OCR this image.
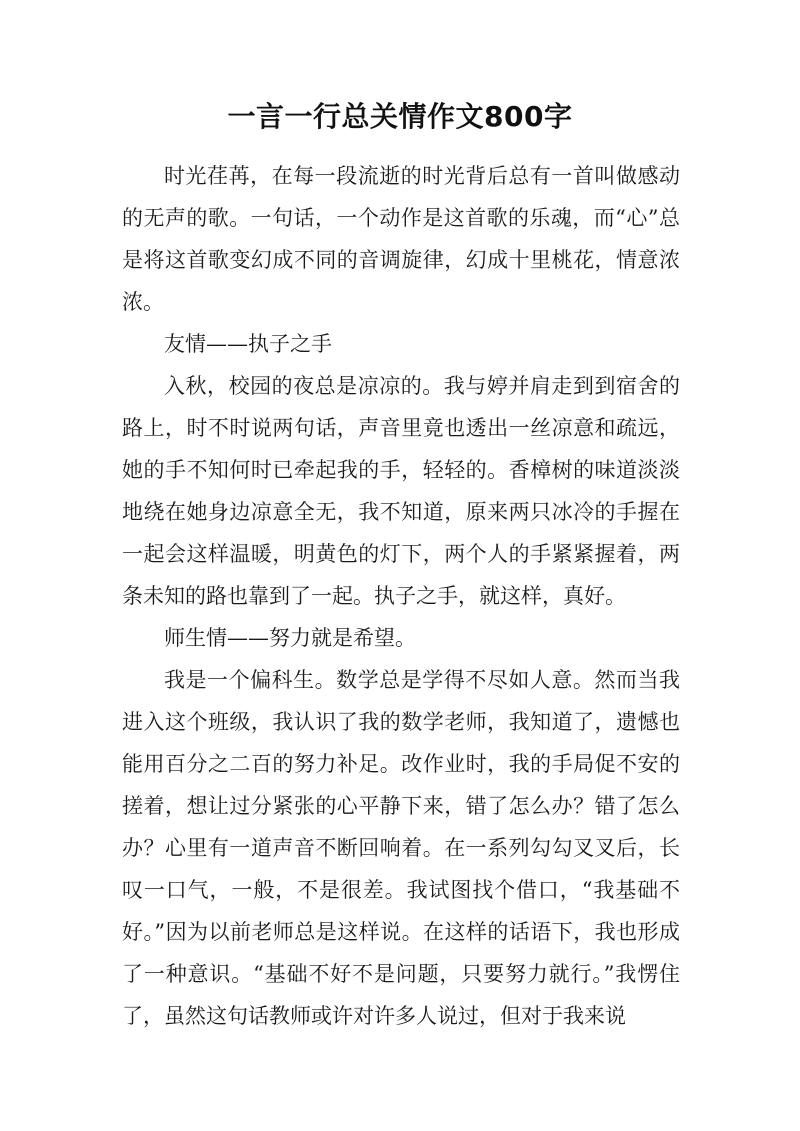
一言一行总关情作文800字

时光荏苒，在每一段流逝的时光背后总有一首叫做感动的无声的歌。一句话，一个动作是这首歌的乐魂，而“心”总是将这首歌变幻成不同的音调旋律，幻成十里桃花，情意浓浓。

友情——执子之手

入秋，校园的夜总是凉凉的。我与婷并肩走到到宿舍的路上，时不时说两句话，声音里竟也透出一丝凉意和疏远，她的手不知何时已牵起我的手，轻轻的。香樟树的味道淡淡地绕在她身边凉意全无，我不知道，原来两只冰冷的手握在一起会这样温暖，明黄色的灯下，两个人的手紧紧握着，两条未知的路也靠到了一起。执子之手，就这样，真好。

师生情——努力就是希望。

我是一个偏科生。数学总是学得不尽如人意。然而当我进入这个班级，我认识了我的数学老师，我知道了，遗憾也能用百分之二百的努力补足。改作业时，我的手局促不安的搓着，想让过分紧张的心平静下来，错了怎么办？错了怎么办？心里有一道声音不断回响着。在一系列勾勾叉叉后，长叹一口气，一般，不是很差。我试图找个借口，“我基础不好。”因为以前老师总是这样说。在这样的话语下，我也形成了一种意识。“基础不好不是问题，只要努力就行。”我愣住了，虽然这句话教师或许对许多人说过，但对于我来说
